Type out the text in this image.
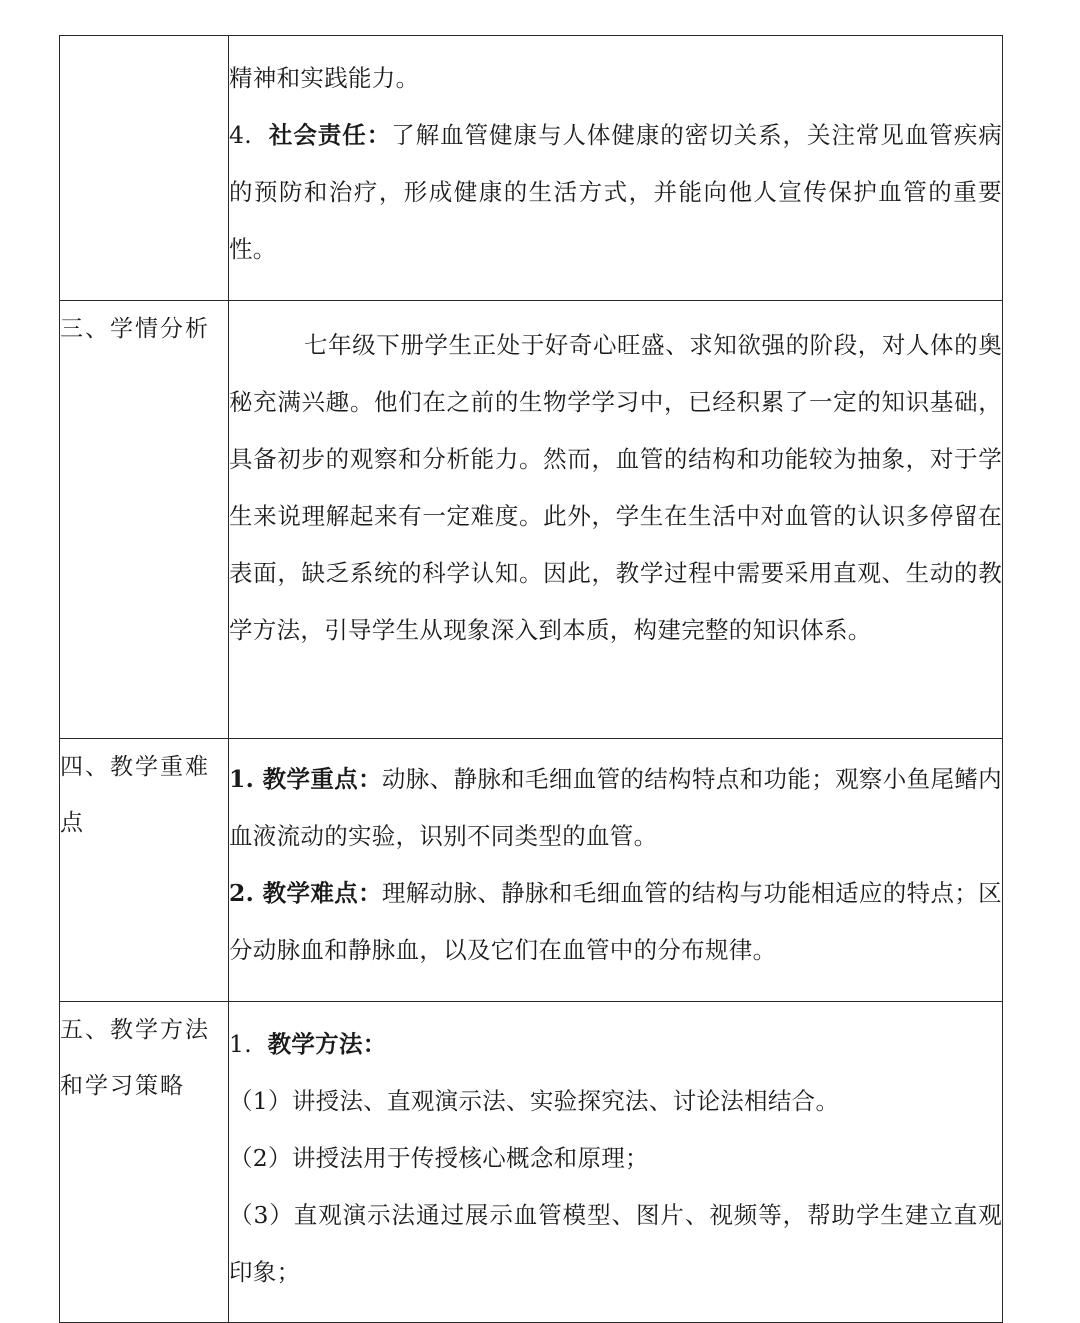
	精神和实践能力。

4. 社会责任：了解血管健康与人体健康的密切关系，关注常见血管疾病的预防和治疗，形成健康的生活方式，并能向他人宣传保护血管的重要性。

三、学情分析	七年级下册学生正处于好奇心旺盛、求知欲强的阶段，对人体的奥秘充满兴趣。他们在之前的生物学学习中，已经积累了一定的知识基础，具备初步的观察和分析能力。然而，血管的结构和功能较为抽象，对于学生来说理解起来有一定难度。此外，学生在生活中对血管的认识多停留在表面，缺乏系统的科学认知。因此，教学过程中需要采用直观、生动的教学方法，引导学生从现象深入到本质，构建完整的知识体系。

四、教学重难点	1. 教学重点：动脉、静脉和毛细血管的结构特点和功能；观察小鱼尾鳍内血液流动的实验，识别不同类型的血管。

2. 教学难点：理解动脉、静脉和毛细血管的结构与功能相适应的特点；区分动脉血和静脉血，以及它们在血管中的分布规律。

五、教学方法和学习策略	1. 教学方法：

（1）讲授法、直观演示法、实验探究法、讨论法相结合。

（2）讲授法用于传授核心概念和原理；

（3）直观演示法通过展示血管模型、图片、视频等，帮助学生建立直观印象；
